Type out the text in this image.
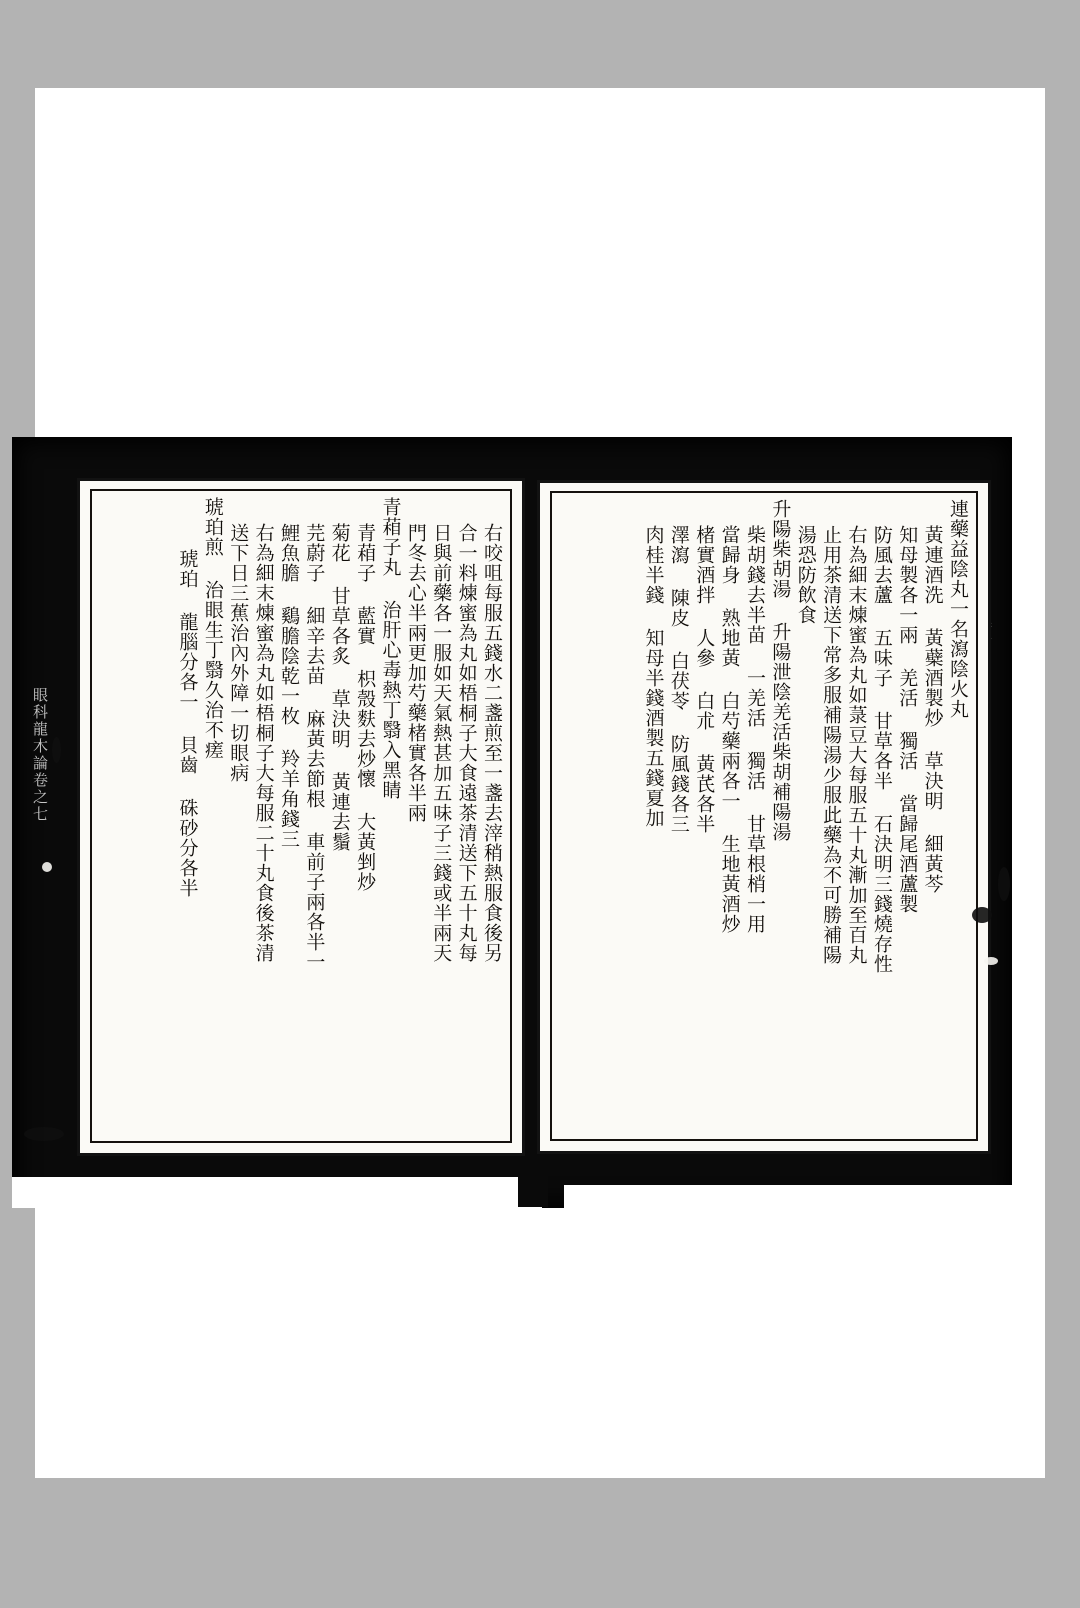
眼科龍木論卷之七
連藥益陰丸一名瀉陰火丸
黃連酒洗 黃蘗酒製炒 草決明 細黃芩
知母製各一兩 羌活 獨活 當歸尾酒蘆製
防風去蘆 五味子 甘草各半 石決明三錢燒存性
右為細末煉蜜為丸如菉豆大每服五十丸漸加至百丸
止用茶清送下常多服補陽湯少服此藥為不可勝補陽
湯恐防飲食
升陽柴胡湯 升陽泄陰羌活柴胡補陽湯
柴胡錢去半苗 一羌活 獨活 甘草根梢一用
當歸身 熟地黃 白芍藥兩各一 生地黃酒炒
楮實酒拌 人參 白朮 黃芪各半
澤瀉 陳皮 白茯苓 防風錢各三
肉桂半錢 知母半錢酒製五錢夏加
右咬咀每服五錢水二盞煎至一盞去滓稍熱服食後另
合一料煉蜜為丸如梧桐子大食遠茶清送下五十丸每
日與前藥各一服如天氣熱甚加五味子三錢或半兩天
門冬去心半兩更加芍藥楮實各半兩
青葙子丸 治肝心毒熱丁翳入黑睛
青葙子 藍實 枳殼麩去炒懷 大黃剉炒
菊花 甘草各炙 草決明 黃連去鬚
芫蔚子 細辛去苗 麻黃去節根 車前子兩各半一
鯉魚膽 鷄膽陰乾一枚 羚羊角錢三
右為細末煉蜜為丸如梧桐子大每服二十丸食後茶清
送下日三蕉治內外障一切眼病
琥珀煎 治眼生丁翳久治不瘥
琥珀 龍腦分各一 貝齒 硃砂分各半
